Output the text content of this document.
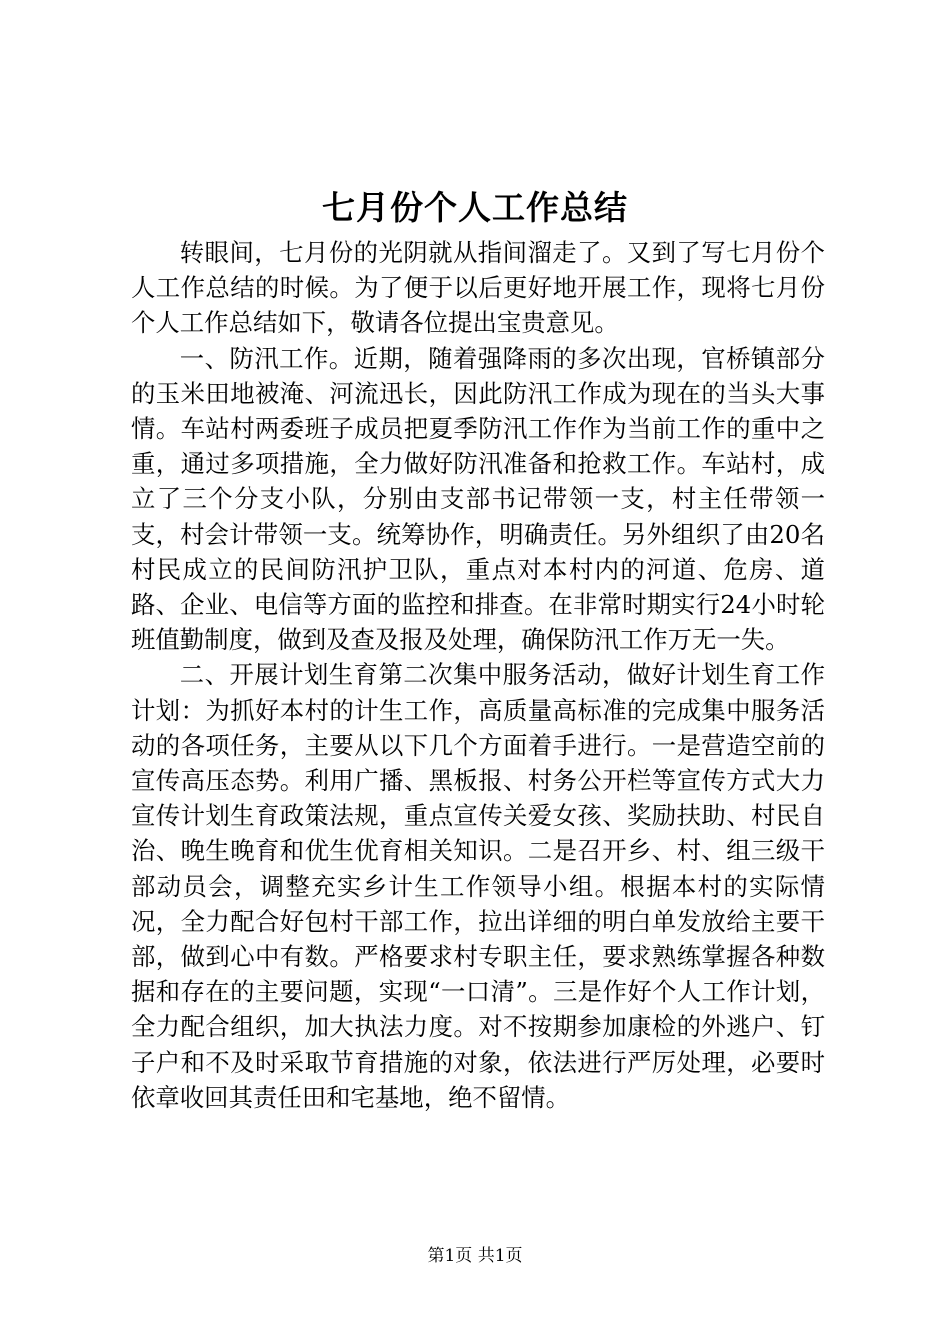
七月份个人工作总结

转眼间，七月份的光阴就从指间溜走了。又到了写七月份个人工作总结的时候。为了便于以后更好地开展工作，现将七月份个人工作总结如下，敬请各位提出宝贵意见。

一、防汛工作。近期，随着强降雨的多次出现，官桥镇部分的玉米田地被淹、河流迅长，因此防汛工作成为现在的当头大事情。车站村两委班子成员把夏季防汛工作作为当前工作的重中之重，通过多项措施，全力做好防汛准备和抢救工作。车站村，成立了三个分支小队，分别由支部书记带领一支，村主任带领一支，村会计带领一支。统筹协作，明确责任。另外组织了由20名村民成立的民间防汛护卫队，重点对本村内的河道、危房、道路、企业、电信等方面的监控和排查。在非常时期实行24小时轮班值勤制度，做到及查及报及处理，确保防汛工作万无一失。

二、开展计划生育第二次集中服务活动，做好计划生育工作计划：为抓好本村的计生工作，高质量高标准的完成集中服务活动的各项任务，主要从以下几个方面着手进行。一是营造空前的宣传高压态势。利用广播、黑板报、村务公开栏等宣传方式大力宣传计划生育政策法规，重点宣传关爱女孩、奖励扶助、村民自治、晚生晚育和优生优育相关知识。二是召开乡、村、组三级干部动员会，调整充实乡计生工作领导小组。根据本村的实际情况，全力配合好包村干部工作，拉出详细的明白单发放给主要干部，做到心中有数。严格要求村专职主任，要求熟练掌握各种数据和存在的主要问题，实现“一口清”。三是作好个人工作计划，全力配合组织，加大执法力度。对不按期参加康检的外逃户、钉子户和不及时采取节育措施的对象，依法进行严厉处理，必要时依章收回其责任田和宅基地，绝不留情。

第1页 共1页
